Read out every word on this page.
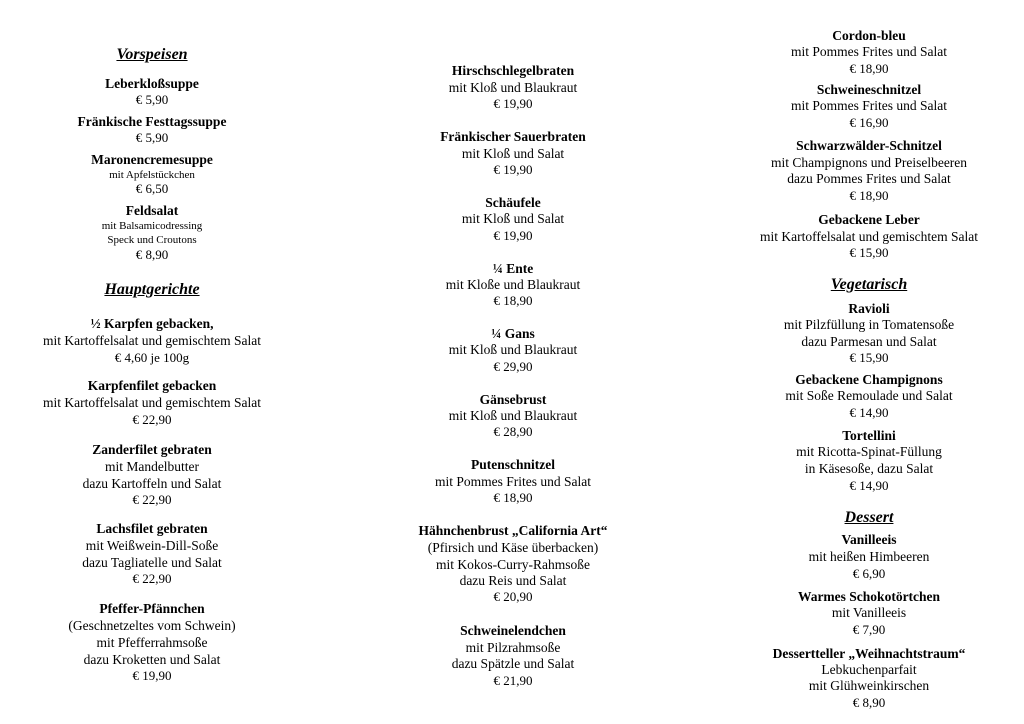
Vorspeisen
Leberkloßsuppe
€ 5,90
Fränkische Festtagssuppe
€ 5,90
Maronencremesuppe
mit Apfelstückchen
€ 6,50
Feldsalat
mit Balsamicodressing
Speck und Croutons
€ 8,90
Hauptgerichte
½ Karpfen gebacken,
mit Kartoffelsalat und gemischtem Salat
€ 4,60 je 100g
Karpfenfilet gebacken
mit Kartoffelsalat und gemischtem Salat
€ 22,90
Zanderfilet gebraten
mit Mandelbutter
dazu Kartoffeln und Salat
€ 22,90
Lachsfilet gebraten
mit Weißwein-Dill-Soße
dazu Tagliatelle und Salat
€ 22,90
Pfeffer-Pfännchen
(Geschnetzeltes vom Schwein)
mit Pfefferrahmsoße
dazu Kroketten und Salat
€ 19,90
Hirschschlegelbraten
mit Kloß und Blaukraut
€ 19,90
Fränkischer Sauerbraten
mit Kloß und Salat
€ 19,90
Schäufele
mit Kloß und Salat
€ 19,90
¼ Ente
mit Kloße und Blaukraut
€ 18,90
¼ Gans
mit Kloß und Blaukraut
€ 29,90
Gänsebrust
mit Kloß und Blaukraut
€ 28,90
Putenschnitzel
mit Pommes Frites und Salat
€ 18,90
Hähnchenbrust „California Art“
(Pfirsich und Käse überbacken)
mit Kokos-Curry-Rahmsoße
dazu Reis und Salat
€ 20,90
Schweinelendchen
mit Pilzrahmsoße
dazu Spätzle und Salat
€ 21,90
Cordon-bleu
mit Pommes Frites und Salat
€ 18,90
Schweineschnitzel
mit Pommes Frites und Salat
€ 16,90
Schwarzwälder-Schnitzel
mit Champignons und Preiselbeeren
dazu Pommes Frites und Salat
€ 18,90
Gebackene Leber
mit Kartoffelsalat und gemischtem Salat
€ 15,90
Vegetarisch
Ravioli
mit Pilzfüllung in Tomatensoße
dazu Parmesan und Salat
€ 15,90
Gebackene Champignons
mit Soße Remoulade und Salat
€ 14,90
Tortellini
mit Ricotta-Spinat-Füllung
in Käsesoße, dazu Salat
€ 14,90
Dessert
Vanilleeis
mit heißen Himbeeren
€ 6,90
Warmes Schokotörtchen
mit Vanilleeis
€ 7,90
Dessertteller „Weihnachtstraum“
Lebkuchenparfait
mit Glühweinkirschen
€ 8,90
